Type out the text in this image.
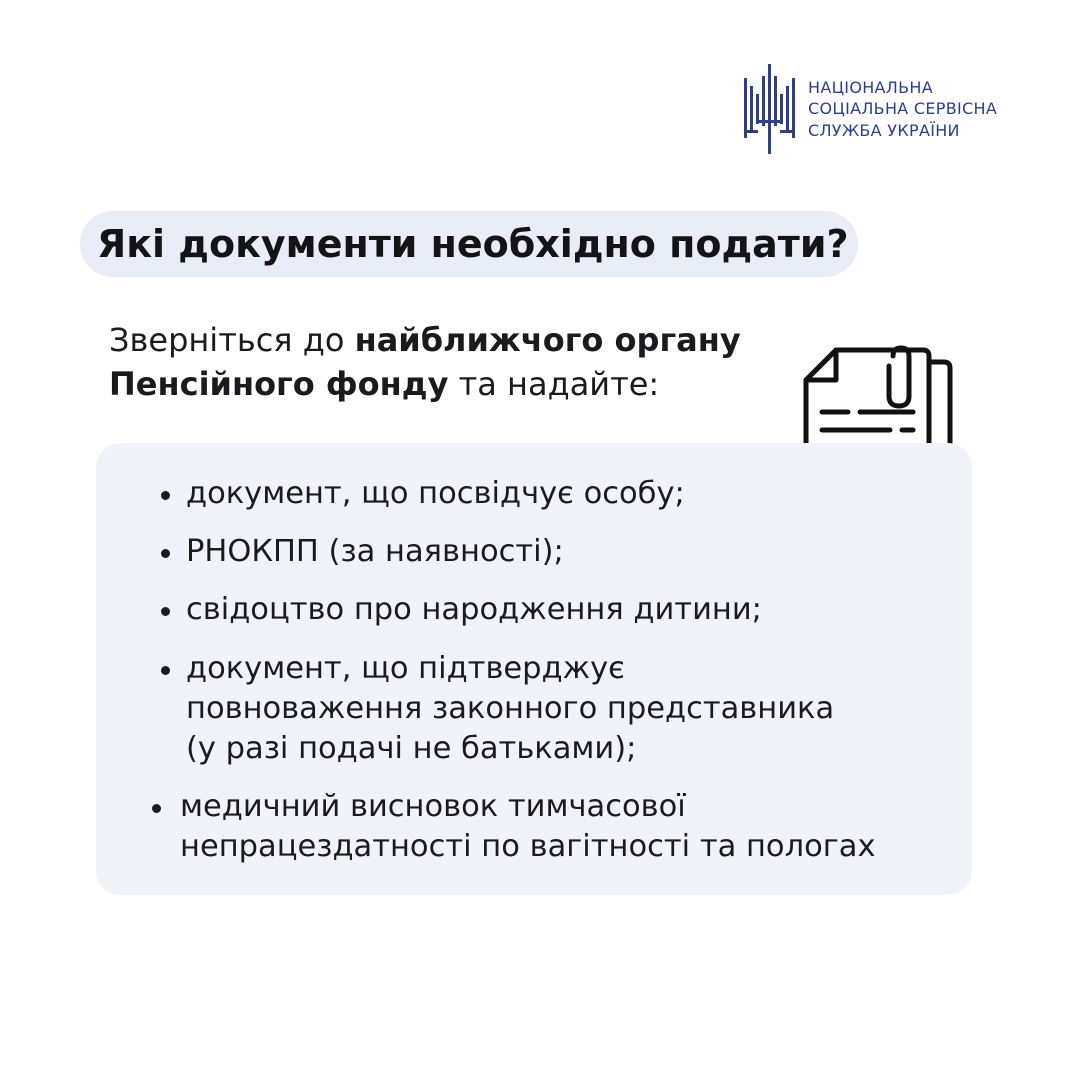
НАЦІОНАЛЬНА
СОЦІАЛЬНА СЕРВІСНА
СЛУЖБА УКРАЇНИ
Які документи необхідно подати?

Зверніться до найближчого органу Пенсійного фонду та надайте:

документ, що посвідчує особу;
РНОКПП (за наявності);
свідоцтво про народження дитини;
документ, що підтверджує
повноваження законного представника
(у разі подачі не батьками);
медичний висновок тимчасової
непрацездатності по вагітності та пологах
